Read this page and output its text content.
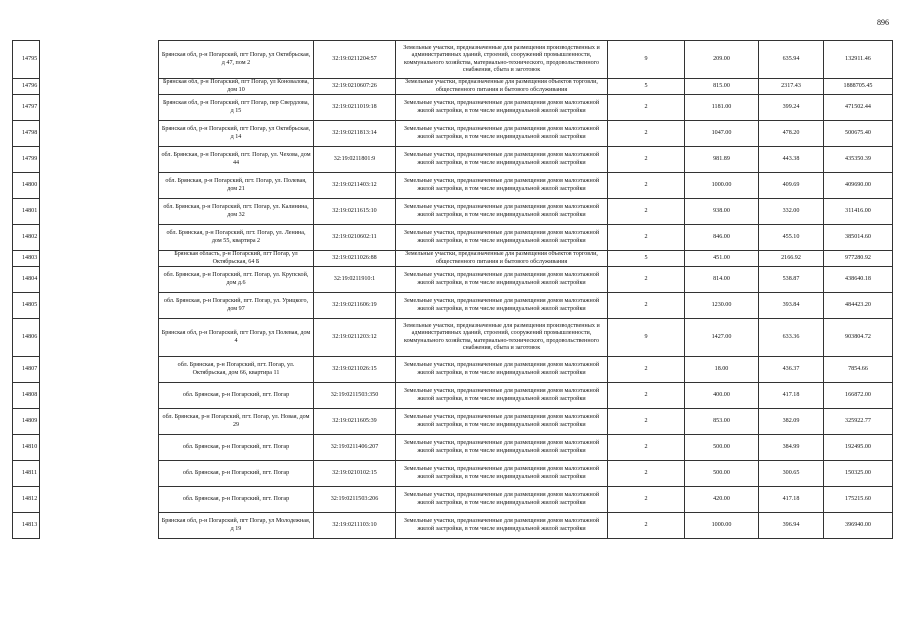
896
14795		Брянская обл, р-н Погарский, пгт Погар, ул Октябрьская, д 47, пом 2	32:19:0211204:57	Земельные участки, предназначенные для размещения производственных и административных зданий, строений, сооружений промышленности, коммунального хозяйства, материально-технического, продовольственного снабжения, сбыта и заготовок	9	209.00	635.94	132911.46
14796		Брянская обл, р-н Погарский, пгт Погар, ул Коновалова, дом 10	32:19:0210607:26	Земельные участки, предназначенные для размещения объектов торговли, общественного питания и бытового обслуживания	5	815.00	2317.43	1888705.45
14797		Брянская обл, р-н Погарский, пгт Погар, пер Свердлова, д 15	32:19:0211019:18	Земельные участки, предназначенные для размещения домов малоэтажной жилой застройки, в том числе индивидуальной жилой застройки	2	1181.00	399.24	471502.44
14798		Брянская обл, р-н Погарский, пгт Погар, ул Октябрьская, д 14	32:19:0211813:14	Земельные участки, предназначенные для размещения домов малоэтажной жилой застройки, в том числе индивидуальной жилой застройки	2	1047.00	478.20	500675.40
14799		обл. Брянская, р-н Погарский, пгт. Погар, ул. Чехова, дом 44	32:19:0211801:9	Земельные участки, предназначенные для размещения домов малоэтажной жилой застройки, в том числе индивидуальной жилой застройки	2	981.89	443.38	435350.39
14800		обл. Брянская, р-н Погарский, пгт. Погар, ул. Полевая, дом 21	32:19:0211403:12	Земельные участки, предназначенные для размещения домов малоэтажной жилой застройки, в том числе индивидуальной жилой застройки	2	1000.00	409.69	409690.00
14801		обл. Брянская, р-н Погарский, пгт. Погар, ул. Калинина, дом 32	32:19:0211615:10	Земельные участки, предназначенные для размещения домов малоэтажной жилой застройки, в том числе индивидуальной жилой застройки	2	938.00	332.00	311416.00
14802		обл. Брянская, р-н Погарский, пгт. Погар, ул. Ленина, дом 55, квартира 2	32:19:0210602:11	Земельные участки, предназначенные для размещения домов малоэтажной жилой застройки, в том числе индивидуальной жилой застройки	2	846.00	455.10	385014.60
14803		Брянская область, р-н Погарский, пгт Погар, ул Октябрьская, 64 Б	32:19:0211026:88	Земельные участки, предназначенные для размещения объектов торговли, общественного питания и бытового обслуживания	5	451.00	2166.92	977280.92
14804		обл. Брянская, р-н Погарский, пгт. Погар, ул. Крупской, дом д.6	32:19:0211910:1	Земельные участки, предназначенные для размещения домов малоэтажной жилой застройки, в том числе индивидуальной жилой застройки	2	814.00	538.87	438640.18
14805		обл. Брянская, р-н Погарский, пгт. Погар, ул. Урицкого, дом 97	32:19:0211606:19	Земельные участки, предназначенные для размещения домов малоэтажной жилой застройки, в том числе индивидуальной жилой застройки	2	1230.00	393.84	484423.20
14806		Брянская обл, р-н Погарский, пгт Погар, ул Полевая, дом 4	32:19:0211203:12	Земельные участки, предназначенные для размещения производственных и административных зданий, строений, сооружений промышленности, коммунального хозяйства, материально-технического, продовольственного снабжения, сбыта и заготовок	9	1427.00	633.36	903804.72
14807		обл. Брянская, р-н Погарский, пгт. Погар, ул. Октябрьская, дом 66, квартира 11	32:19:0211026:15	Земельные участки, предназначенные для размещения домов малоэтажной жилой застройки, в том числе индивидуальной жилой застройки	2	18.00	436.37	7854.66
14808		обл. Брянская, р-н Погарский, пгт. Погар	32:19:0211503:350	Земельные участки, предназначенные для размещения домов малоэтажной жилой застройки, в том числе индивидуальной жилой застройки	2	400.00	417.18	166872.00
14809		обл. Брянская, р-н Погарский, пгт. Погар, ул. Новая, дом 29	32:19:0211605:39	Земельные участки, предназначенные для размещения домов малоэтажной жилой застройки, в том числе индивидуальной жилой застройки	2	853.00	382.09	325922.77
14810		обл. Брянская, р-н Погарский, пгт. Погар	32:19:0211406:207	Земельные участки, предназначенные для размещения домов малоэтажной жилой застройки, в том числе индивидуальной жилой застройки	2	500.00	384.99	192495.00
14811		обл. Брянская, р-н Погарский, пгт. Погар	32:19:0210102:15	Земельные участки, предназначенные для размещения домов малоэтажной жилой застройки, в том числе индивидуальной жилой застройки	2	500.00	300.65	150325.00
14812		обл. Брянская, р-н Погарский, пгт. Погар	32:19:0211503:206	Земельные участки, предназначенные для размещения домов малоэтажной жилой застройки, в том числе индивидуальной жилой застройки	2	420.00	417.18	175215.60
14813		Брянская обл, р-н Погарский, пгт Погар, ул Молодежная, д 19	32:19:0211103:10	Земельные участки, предназначенные для размещения домов малоэтажной жилой застройки, в том числе индивидуальной жилой застройки	2	1000.00	396.94	396940.00
